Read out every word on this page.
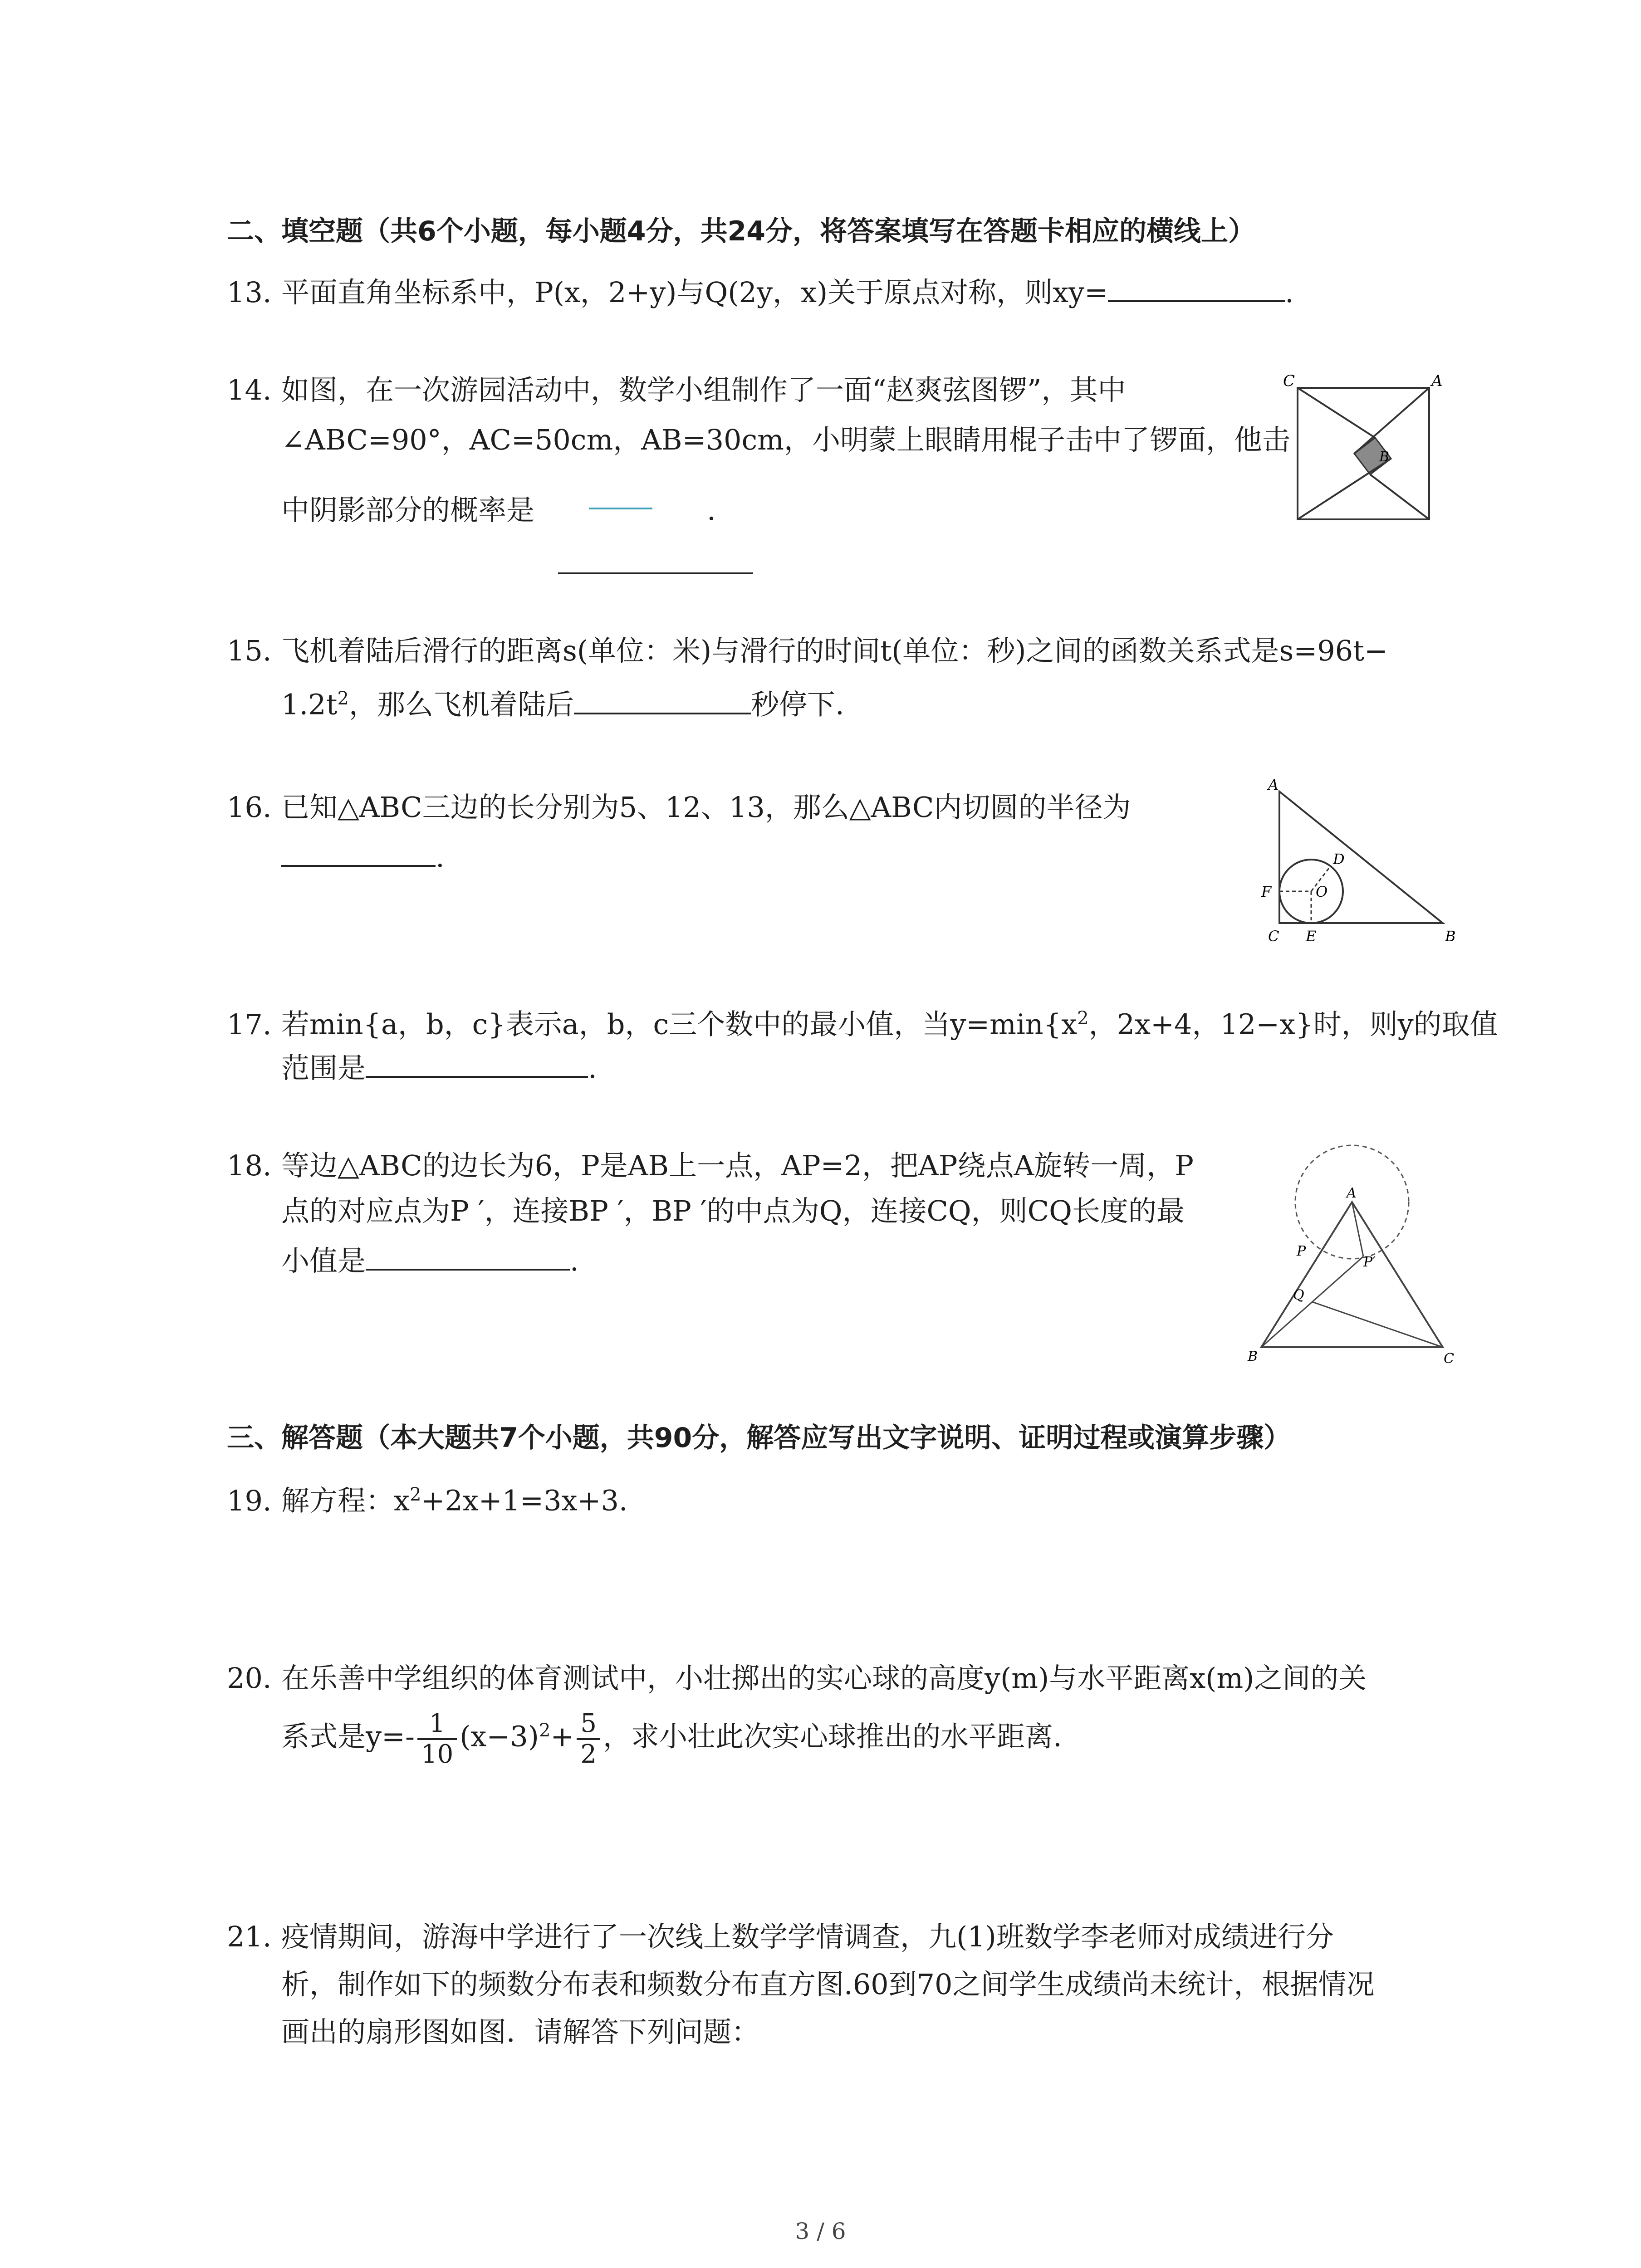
二、填空题（共6个小题，每小题4分，共24分，将答案填写在答题卡相应的横线上）
13. 平面直角坐标系中，P(x，2+y)与Q(2y，x)关于原点对称，则xy=	.
14. 如图，在一次游园活动中，数学小组制作了一面“赵爽弦图锣”，其中
∠ABC=90°，AC=50cm，AB=30cm，小明蒙上眼睛用棍子击中了锣面，他击
中阴影部分的概率是	.
C	A
B
15. 飞机着陆后滑行的距离s(单位：米)与滑行的时间t(单位：秒)之间的函数关系式是s=96t−
$1.2t^2$，那么飞机着陆后	秒停下.
16. 已知△ABC三边的长分别为5、12、13，那么△ABC内切圆的半径为
.
A
D
F	O
C E	B
17. 若min{a，b，c}表示a，b，c三个数中的最小值，当$y=\min\{x^2$，2x+4，12−x}时，则y的取值
范围是	.
18. 等边△ABC的边长为6，P是AB上一点，AP=2，把AP绕点A旋转一周，P
点的对应点为P ′，连接BP ′，BP ′的中点为Q，连接CQ，则CQ长度的最
小值是	.
A
P
P′
Q
B	C
三、解答题（本大题共7个小题，共90分，解答应写出文字说明、证明过程或演算步骤）
19. 解方程：$x^2+2x+1=3x+3$.
20. 在乐善中学组织的体育测试中，小壮掷出的实心球的高度y(m)与水平距离x(m)之间的关
系式是$y=- \frac{1}{10} (x-3)^2+ \frac{5}{2}$ ，求小壮此次实心球推出的水平距离.
21. 疫情期间，游海中学进行了一次线上数学学情调查，九(1)班数学李老师对成绩进行分
析，制作如下的频数分布表和频数分布直方图.60到70之间学生成绩尚未统计，根据情况
画出的扇形图如图．请解答下列问题：
3 / 6
